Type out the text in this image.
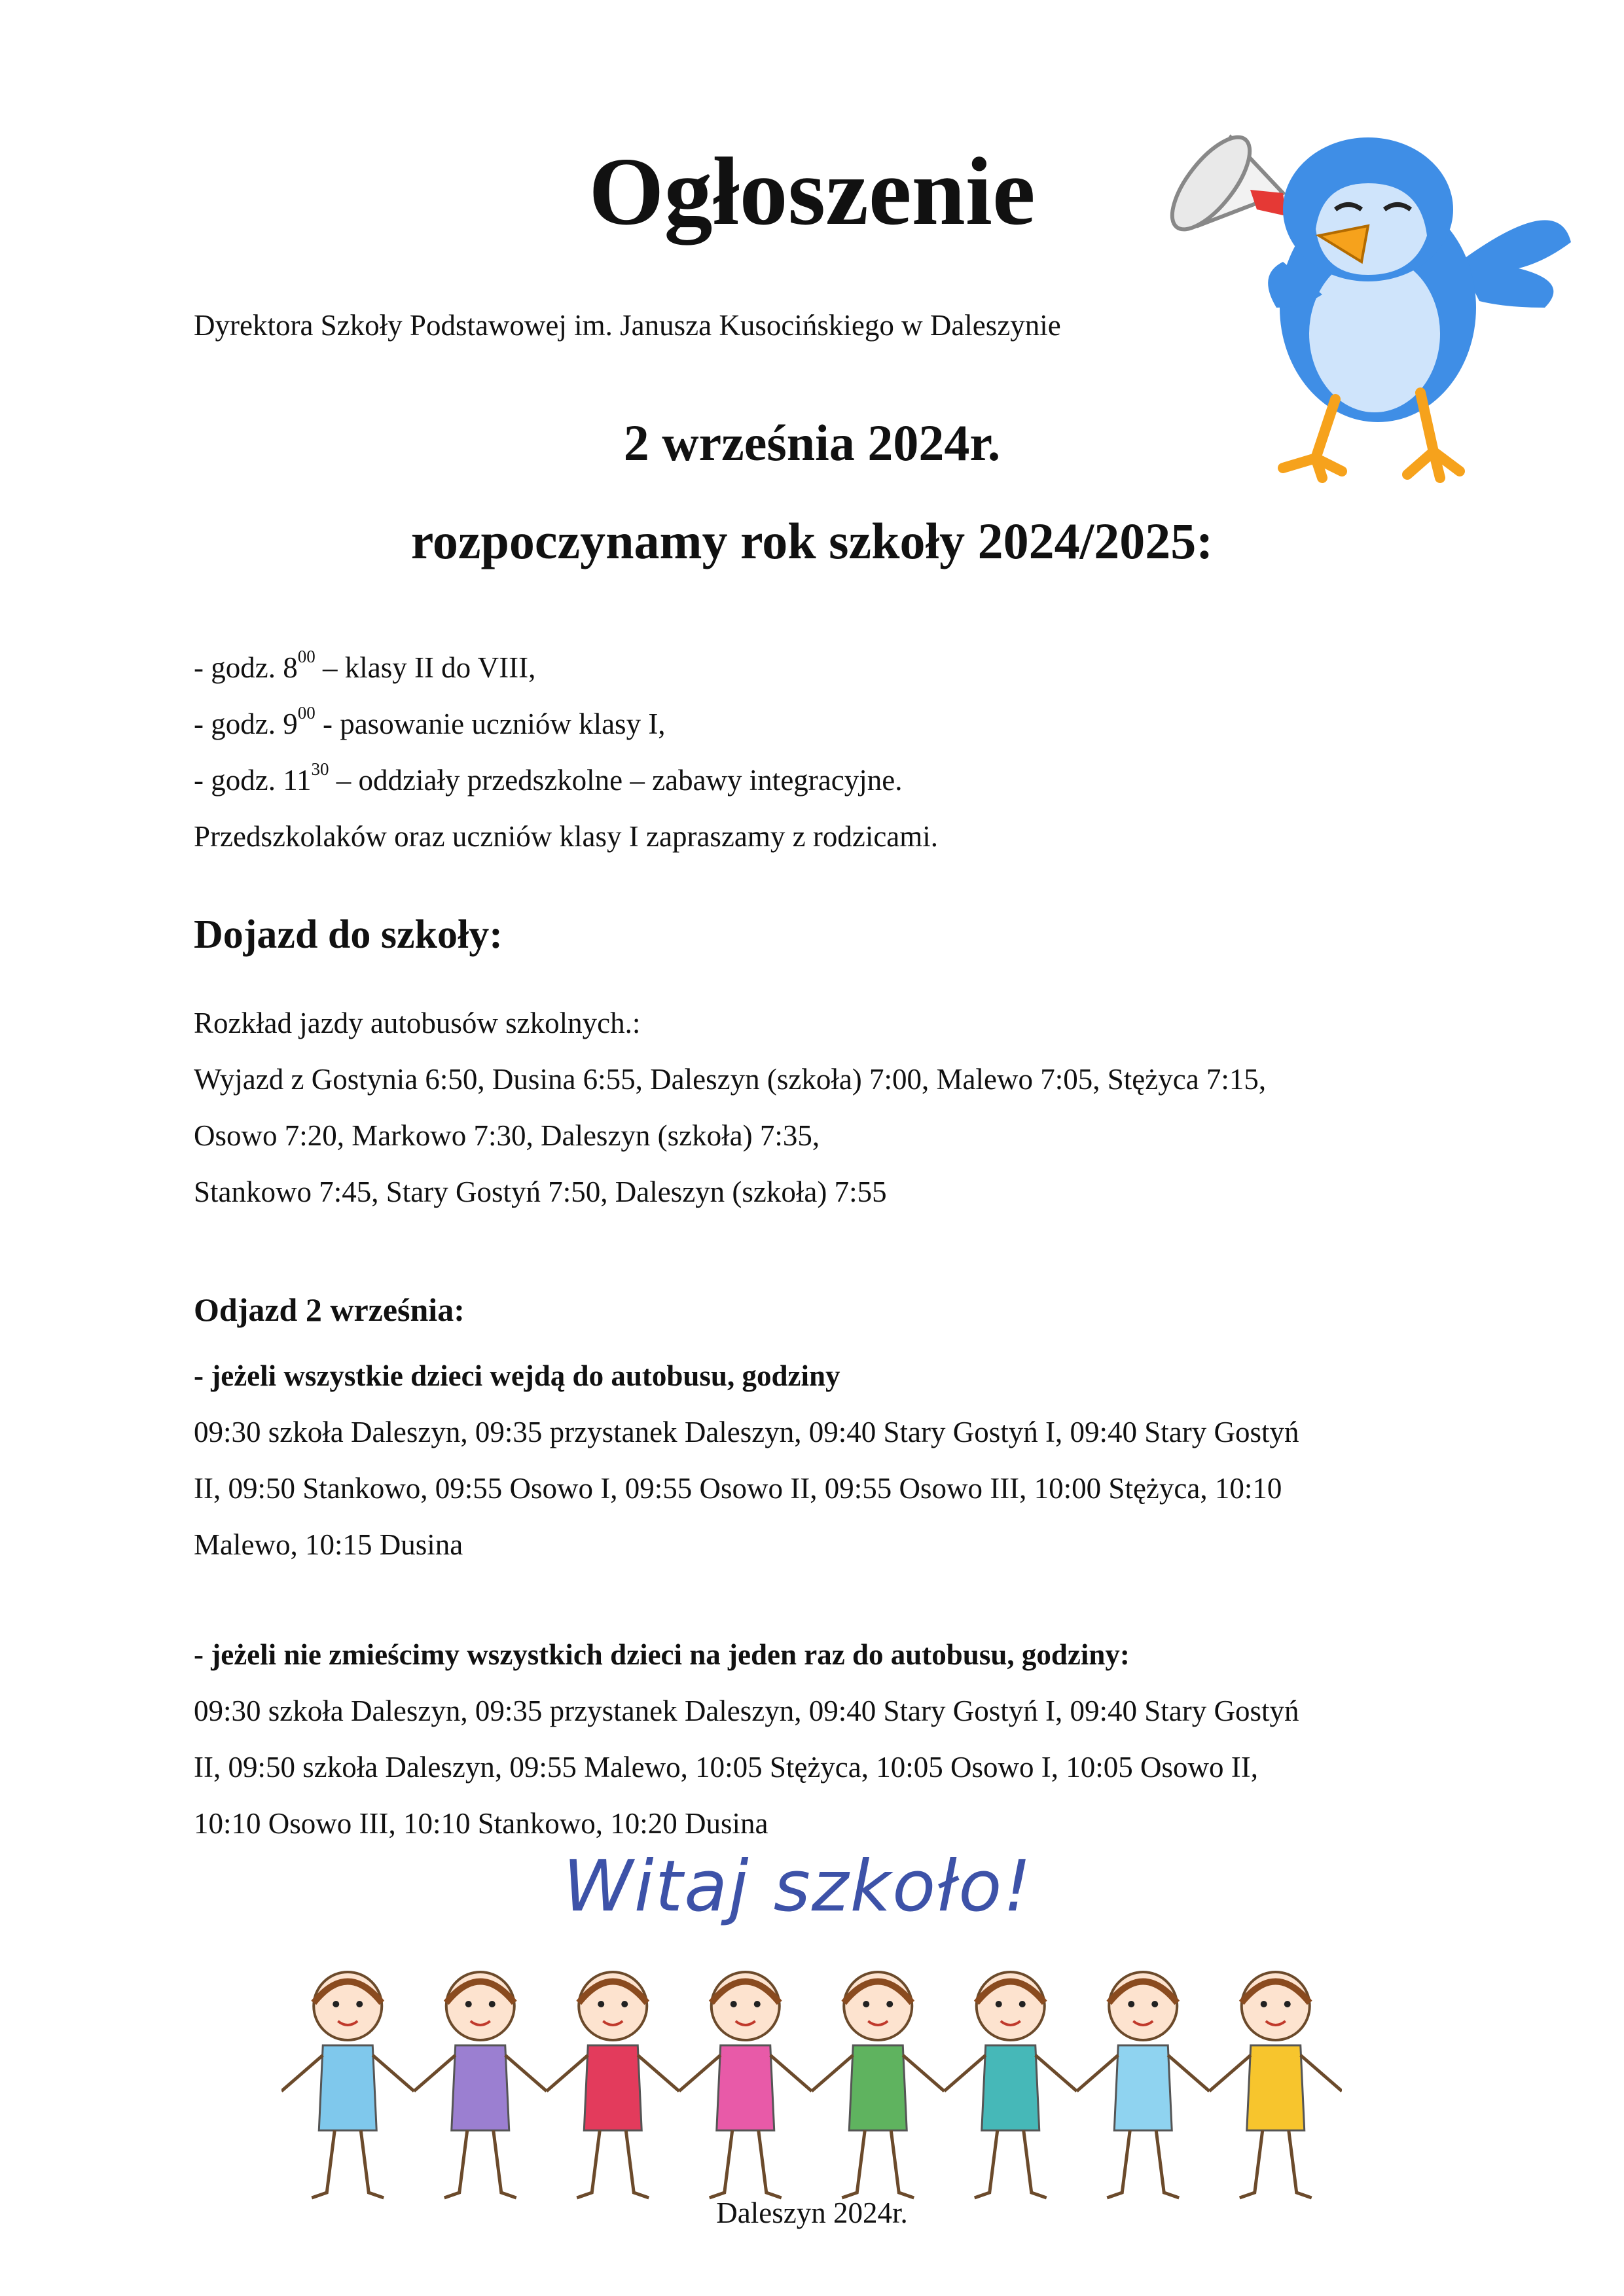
Ogłoszenie
Dyrektora Szkoły Podstawowej im. Janusza Kusocińskiego w Daleszynie
2 września 2024r.
rozpoczynamy rok szkoły 2024/2025:
- godz. $8^{00}$ – klasy II do VIII,
- godz. $9^{00}$ - pasowanie uczniów klasy I,
- godz. $11^{30}$ – oddziały przedszkolne – zabawy integracyjne.
Przedszkolaków oraz uczniów klasy I zapraszamy z rodzicami.
Dojazd do szkoły:
Rozkład jazdy autobusów szkolnych.:
Wyjazd z Gostynia 6:50, Dusina 6:55, Daleszyn (szkoła) 7:00, Malewo 7:05, Stężyca 7:15,
Osowo 7:20, Markowo 7:30, Daleszyn (szkoła) 7:35,
Stankowo 7:45, Stary Gostyń 7:50, Daleszyn (szkoła) 7:55
Odjazd 2 września:
- jeżeli wszystkie dzieci wejdą do autobusu, godziny
09:30 szkoła Daleszyn, 09:35 przystanek Daleszyn, 09:40 Stary Gostyń I, 09:40 Stary Gostyń
II, 09:50 Stankowo, 09:55 Osowo I, 09:55 Osowo II, 09:55 Osowo III, 10:00 Stężyca, 10:10
Malewo, 10:15 Dusina
- jeżeli nie zmieścimy wszystkich dzieci na jeden raz do autobusu, godziny:
09:30 szkoła Daleszyn, 09:35 przystanek Daleszyn, 09:40 Stary Gostyń I, 09:40 Stary Gostyń
II, 09:50 szkoła Daleszyn, 09:55 Malewo, 10:05 Stężyca, 10:05 Osowo I, 10:05 Osowo II,
10:10 Osowo III, 10:10 Stankowo, 10:20 Dusina
Witaj szkoło!
Daleszyn 2024r.
